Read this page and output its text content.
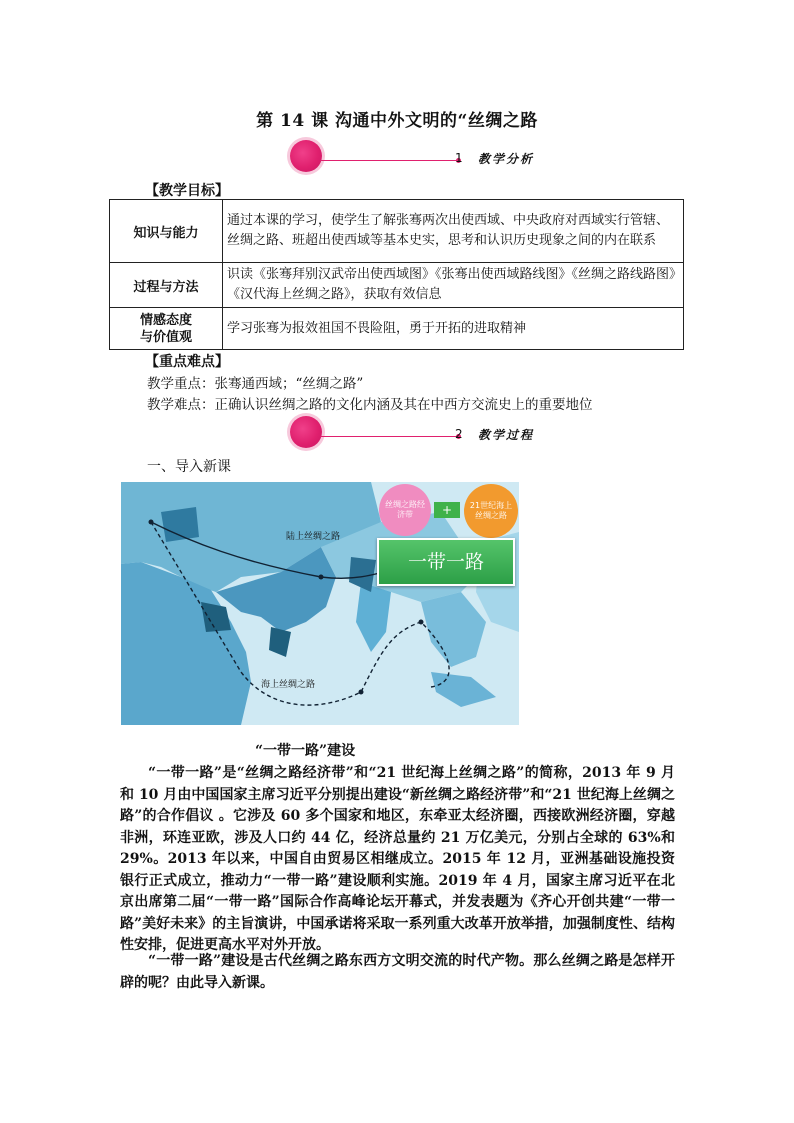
第 14 课 沟通中外文明的“丝绸之路
1 教学分析
【教学目标】
知识与能力	通过本课的学习，使学生了解张骞两次出使西域、中央政府对西域实行管辖、丝绸之路、班超出使西域等基本史实，思考和认识历史现象之间的内在联系
过程与方法	识读《张骞拜别汉武帝出使西域图》《张骞出使西域路线图》《丝绸之路线路图》《汉代海上丝绸之路》，获取有效信息
情感态度
与价值观	学习张骞为报效祖国不畏险阻，勇于开拓的进取精神
【重点难点】
教学重点：张骞通西域；“丝绸之路”
教学难点：正确认识丝绸之路的文化内涵及其在中西方交流史上的重要地位
2 教学过程
一、导入新课
陆上丝绸之路
海上丝绸之路
丝绸之路经济带	+	21世纪海上丝绸之路
一带一路
“一带一路”建设

“一带一路”是“丝绸之路经济带”和“21 世纪海上丝绸之路”的简称，2013 年 9 月和 10 月由中国国家主席习近平分别提出建设“新丝绸之路经济带”和“21 世纪海上丝绸之路”的合作倡议 。它涉及 60 多个国家和地区，东牵亚太经济圈，西接欧洲经济圈，穿越非洲，环连亚欧，涉及人口约 44 亿，经济总量约 21 万亿美元，分别占全球的 63%和 29%。2013 年以来，中国自由贸易区相继成立。2015 年 12 月，亚洲基础设施投资银行正式成立，推动力“一带一路”建设顺利实施。2019 年 4 月，国家主席习近平在北京出席第二届“一带一路”国际合作高峰论坛开幕式，并发表题为《齐心开创共建“一带一路”美好未来》的主旨演讲，中国承诺将采取一系列重大改革开放举措，加强制度性、结构性安排，促进更高水平对外开放。

“一带一路”建设是古代丝绸之路东西方文明交流的时代产物。那么丝绸之路是怎样开辟的呢？由此导入新课。
